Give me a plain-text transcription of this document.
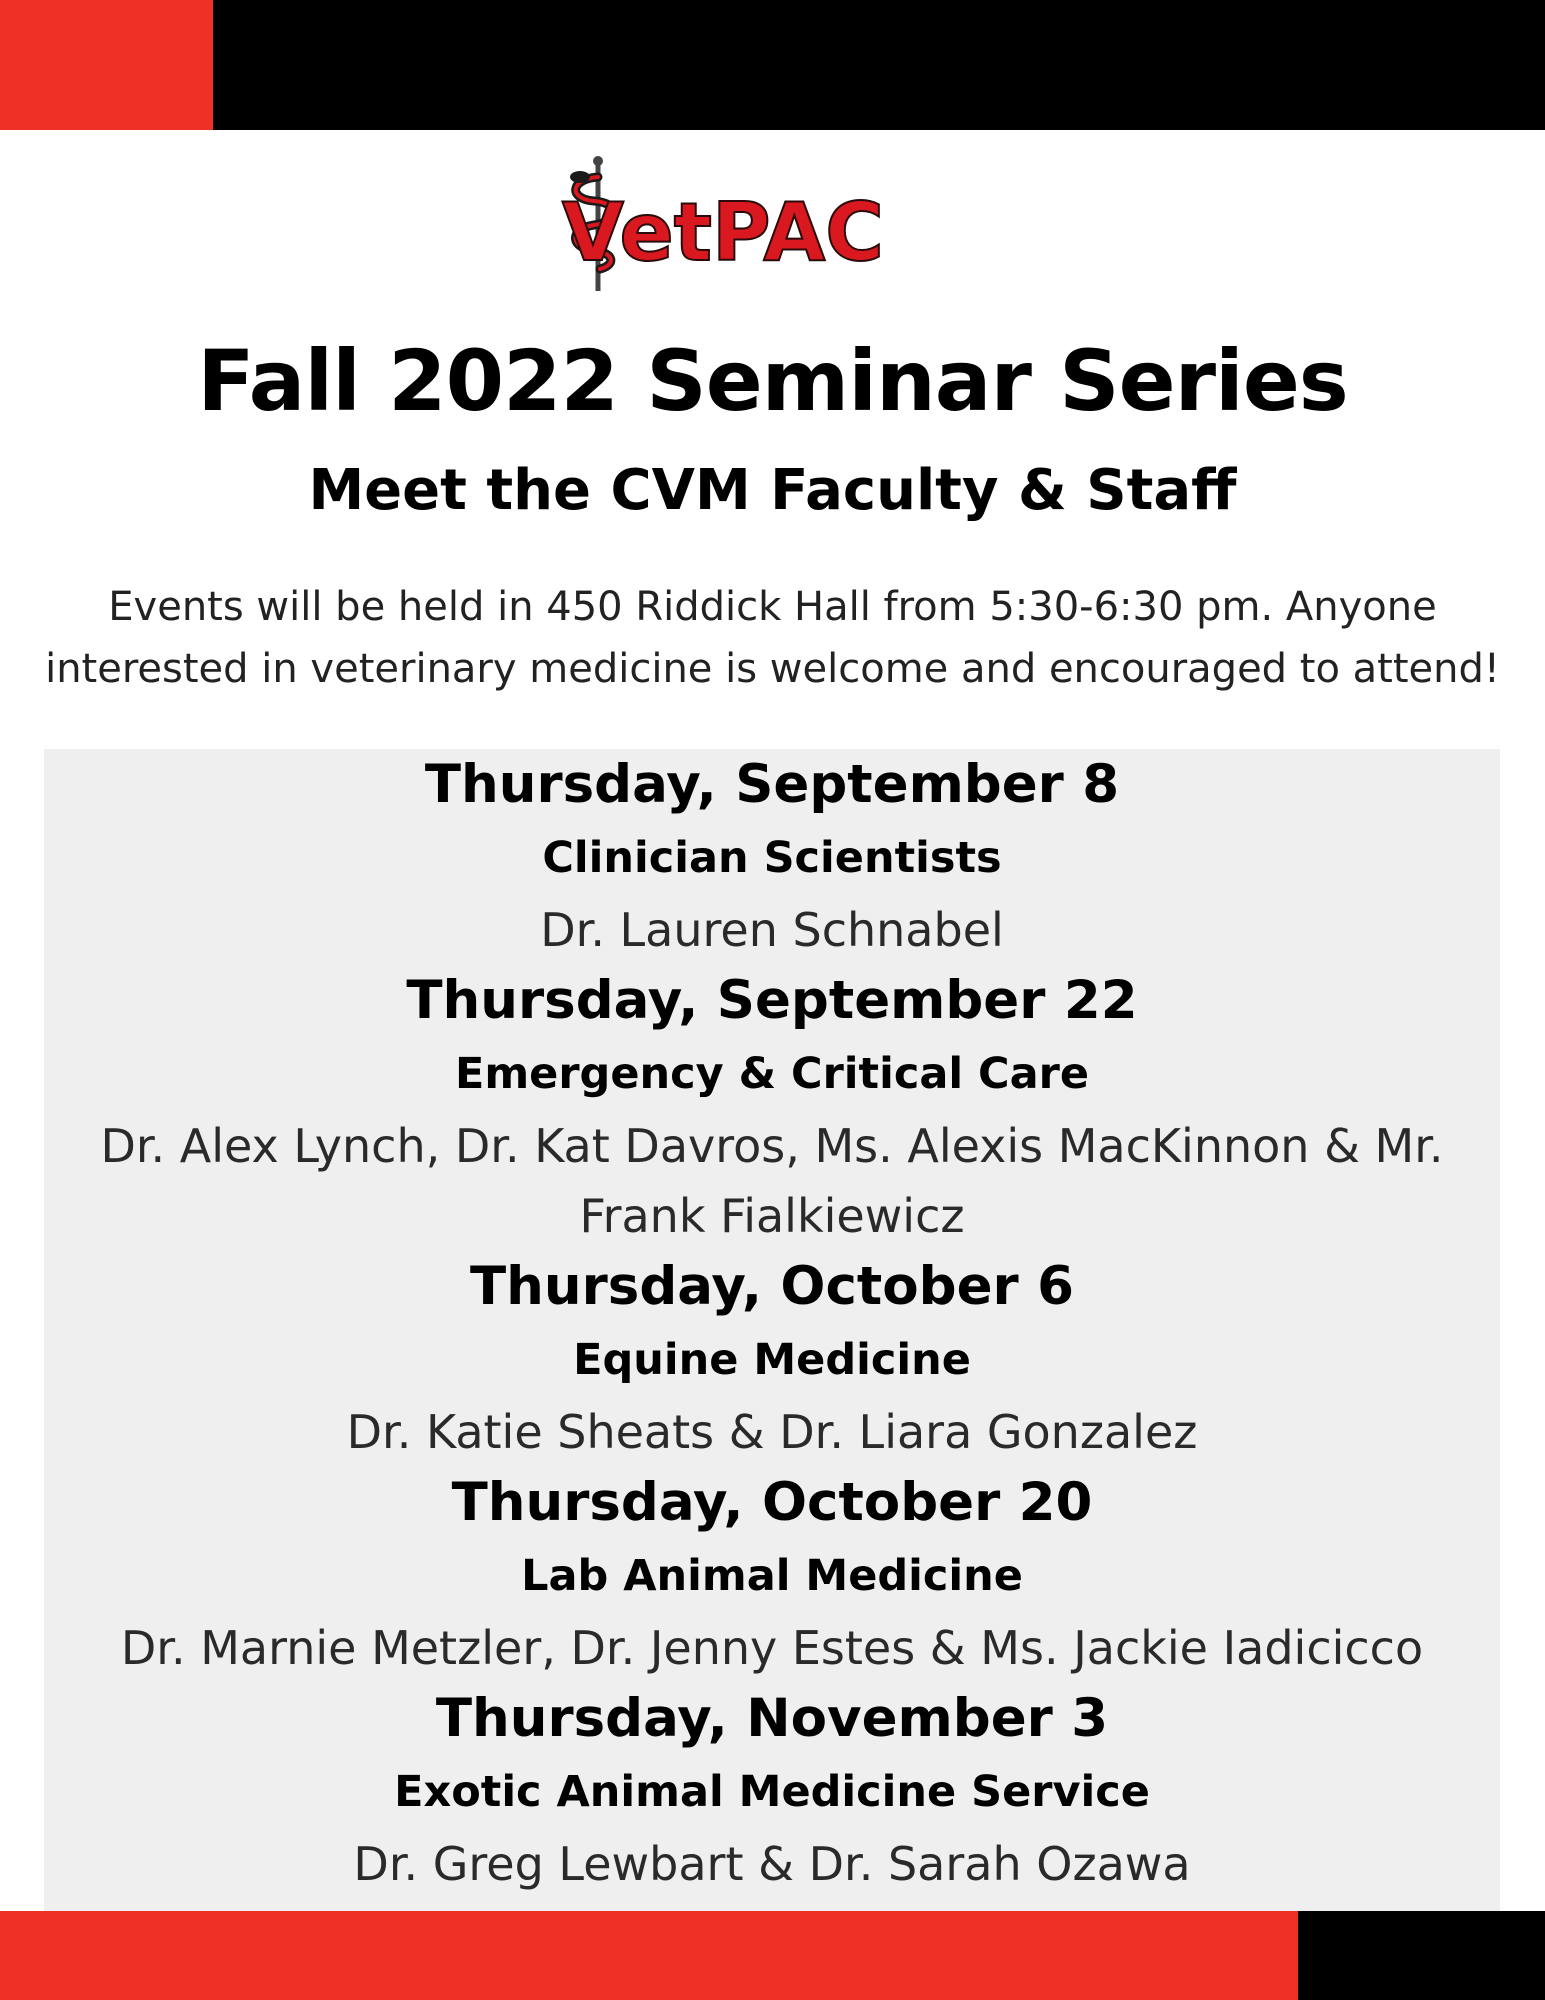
VetPAC
Fall 2022 Seminar Series
Meet the CVM Faculty & Staff
Events will be held in 450 Riddick Hall from 5:30-6:30 pm. Anyone interested in veterinary medicine is welcome and encouraged to attend!
Thursday, September 8
Clinician Scientists
Dr. Lauren Schnabel
Thursday, September 22
Emergency & Critical Care
Dr. Alex Lynch, Dr. Kat Davros, Ms. Alexis MacKinnon & Mr. Frank Fialkiewicz
Thursday, October 6
Equine Medicine
Dr. Katie Sheats & Dr. Liara Gonzalez
Thursday, October 20
Lab Animal Medicine
Dr. Marnie Metzler, Dr. Jenny Estes & Ms. Jackie Iadicicco
Thursday, November 3
Exotic Animal Medicine Service
Dr. Greg Lewbart & Dr. Sarah Ozawa
